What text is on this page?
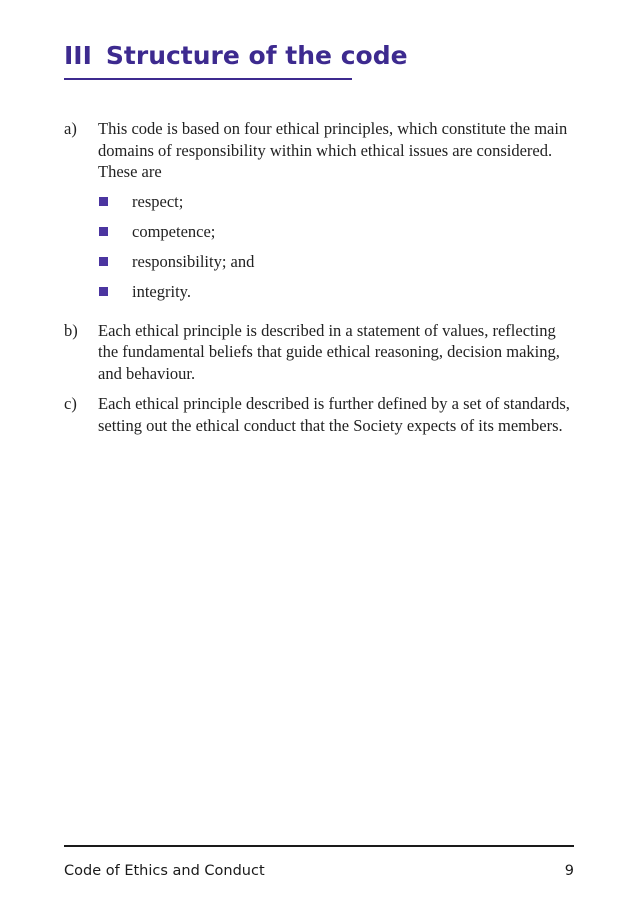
III Structure of the code
a)	This code is based on four ethical principles, which constitute the main domains of responsibility within which ethical issues are considered. These are
respect;
competence;
responsibility; and
integrity.
b)	Each ethical principle is described in a statement of values, reflecting the fundamental beliefs that guide ethical reasoning, decision making, and behaviour.
c)	Each ethical principle described is further defined by a set of standards, setting out the ethical conduct that the Society expects of its members.
Code of Ethics and Conduct	9
